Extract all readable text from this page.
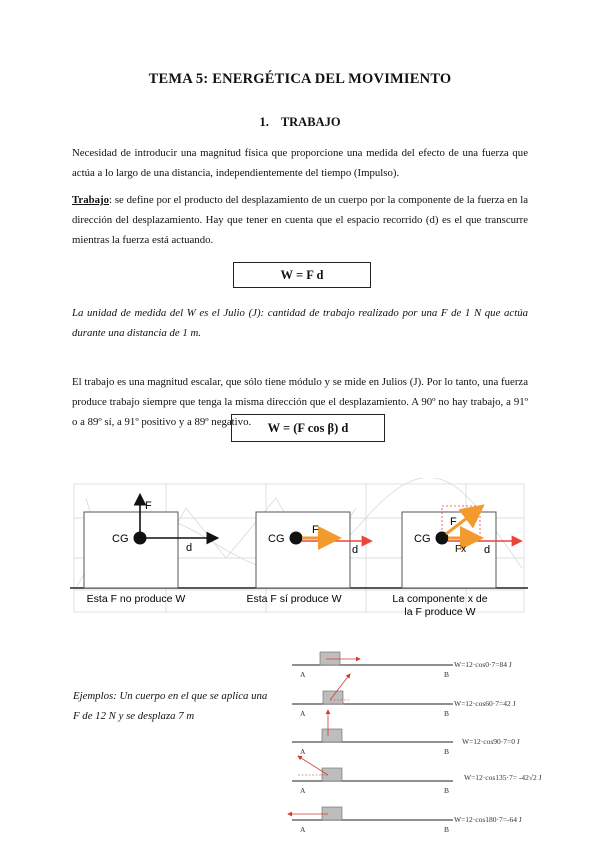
TEMA 5: ENERGÉTICA DEL MOVIMIENTO
1. TRABAJO
Necesidad de introducir una magnitud física que proporcione una medida del efecto de una fuerza que actúa a lo largo de una distancia, independientemente del tiempo (Impulso).
Trabajo: se define por el producto del desplazamiento de un cuerpo por la componente de la fuerza en la dirección del desplazamiento. Hay que tener en cuenta que el espacio recorrido (d) es el que transcurre mientras la fuerza está actuando.
W = F d
La unidad de medida del W es el Julio (J): cantidad de trabajo realizado por una F de 1 N que actúa durante una distancia de 1 m.
El trabajo es una magnitud escalar, que sólo tiene módulo y se mide en Julios (J). Por lo tanto, una fuerza produce trabajo siempre que tenga la misma dirección que el desplazamiento. A 90º no hay trabajo, a 91º o a 89º sí, a 91º positivo y a 89º negativo.	W = (F cos β) d
CG
F
d
Esta F no produce W
CG
F
d
Esta F sí produce W
CG
F
Fx d
La componente x de
la F produce W
Ejemplos: Un cuerpo en el que se aplica una F de 12 N y se desplaza 7 m
A	B
W=12·cos0·7=84 J
A	B
W=12·cos60·7=42 J
A	B
W=12·cos90·7=0 J
A	B
W=12·cos135·7= -42√2 J
A	B
W=12·cos180·7=-64 J
